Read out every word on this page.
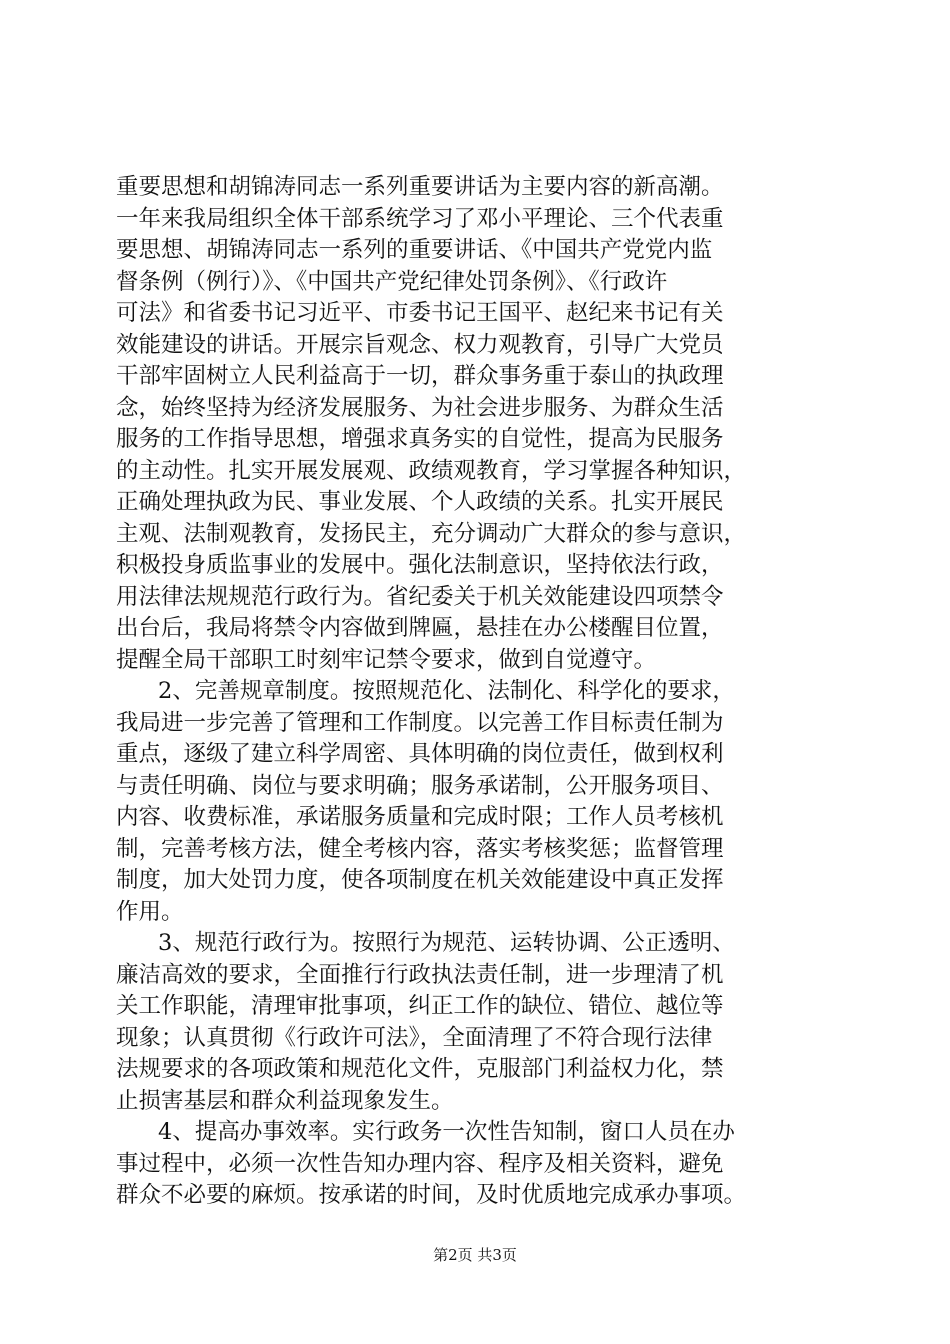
重要思想和胡锦涛同志一系列重要讲话为主要内容的新高潮。
一年来我局组织全体干部系统学习了邓小平理论、三个代表重
要思想、胡锦涛同志一系列的重要讲话、《中国共产党党内监
督条例（例行）》、《中国共产党纪律处罚条例》、《行政许
可法》和省委书记习近平、市委书记王国平、赵纪来书记有关
效能建设的讲话。开展宗旨观念、权力观教育，引导广大党员
干部牢固树立人民利益高于一切，群众事务重于泰山的执政理
念，始终坚持为经济发展服务、为社会进步服务、为群众生活
服务的工作指导思想，增强求真务实的自觉性，提高为民服务
的主动性。扎实开展发展观、政绩观教育，学习掌握各种知识，
正确处理执政为民、事业发展、个人政绩的关系。扎实开展民
主观、法制观教育，发扬民主，充分调动广大群众的参与意识，
积极投身质监事业的发展中。强化法制意识，坚持依法行政，
用法律法规规范行政行为。省纪委关于机关效能建设四项禁令
出台后，我局将禁令内容做到牌匾，悬挂在办公楼醒目位置，
提醒全局干部职工时刻牢记禁令要求，做到自觉遵守。
2、完善规章制度。按照规范化、法制化、科学化的要求，
我局进一步完善了管理和工作制度。以完善工作目标责任制为
重点，逐级了建立科学周密、具体明确的岗位责任，做到权利
与责任明确、岗位与要求明确；服务承诺制，公开服务项目、
内容、收费标准，承诺服务质量和完成时限；工作人员考核机
制，完善考核方法，健全考核内容，落实考核奖惩；监督管理
制度，加大处罚力度，使各项制度在机关效能建设中真正发挥
作用。
3、规范行政行为。按照行为规范、运转协调、公正透明、
廉洁高效的要求，全面推行行政执法责任制，进一步理清了机
关工作职能，清理审批事项，纠正工作的缺位、错位、越位等
现象；认真贯彻《行政许可法》，全面清理了不符合现行法律
法规要求的各项政策和规范化文件，克服部门利益权力化，禁
止损害基层和群众利益现象发生。
4、提高办事效率。实行政务一次性告知制，窗口人员在办
事过程中，必须一次性告知办理内容、程序及相关资料，避免
群众不必要的麻烦。按承诺的时间，及时优质地完成承办事项。
第2页 共3页
